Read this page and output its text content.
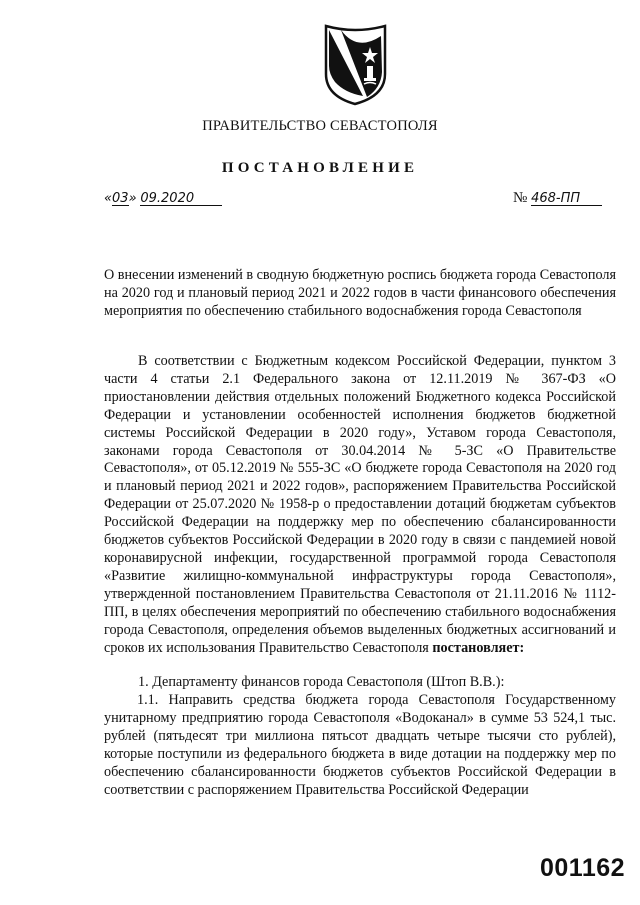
ПРАВИТЕЛЬСТВО СЕВАСТОПОЛЯ
ПОСТАНОВЛЕНИЕ
«03» 09.2020	№ 468-ПП
О внесении изменений в сводную бюджетную роспись бюджета города Севастополя на 2020 год и плановый период 2021 и 2022 годов в части финансового обеспечения мероприятия по обеспечению стабильного водоснабжения города Севастополя

В соответствии с Бюджетным кодексом Российской Федерации, пунктом 3 части 4 статьи 2.1 Федерального закона от 12.11.2019 № 367-ФЗ «О приостановлении действия отдельных положений Бюджетного кодекса Российской Федерации и установлении особенностей исполнения бюджетов бюджетной системы Российской Федерации в 2020 году», Уставом города Севастополя, законами города Севастополя от 30.04.2014 № 5-ЗС «О Правительстве Севастополя», от 05.12.2019 № 555-ЗС «О бюджете города Севастополя на 2020 год и плановый период 2021 и 2022 годов», распоряжением Правительства Российской Федерации от 25.07.2020 № 1958-р о предоставлении дотаций бюджетам субъектов Российской Федерации на поддержку мер по обеспечению сбалансированности бюджетов субъектов Российской Федерации в 2020 году в связи с пандемией новой коронавирусной инфекции, государственной программой города Севастополя «Развитие жилищно-коммунальной инфраструктуры города Севастополя», утвержденной постановлением Правительства Севастополя от 21.11.2016 № 1112-ПП, в целях обеспечения мероприятий по обеспечению стабильного водоснабжения города Севастополя, определения объемов выделенных бюджетных ассигнований и сроков их использования Правительство Севастополя постановляет:

1. Департаменту финансов города Севастополя (Штоп В.В.):

1.1. Направить средства бюджета города Севастополя Государственному унитарному предприятию города Севастополя «Водоканал» в сумме 53 524,1 тыс. рублей (пятьдесят три миллиона пятьсот двадцать четыре тысячи сто рублей), которые поступили из федерального бюджета в виде дотации на поддержку мер по обеспечению сбалансированности бюджетов субъектов Российской Федерации в соответствии с распоряжением Правительства Российской Федерации

001162
